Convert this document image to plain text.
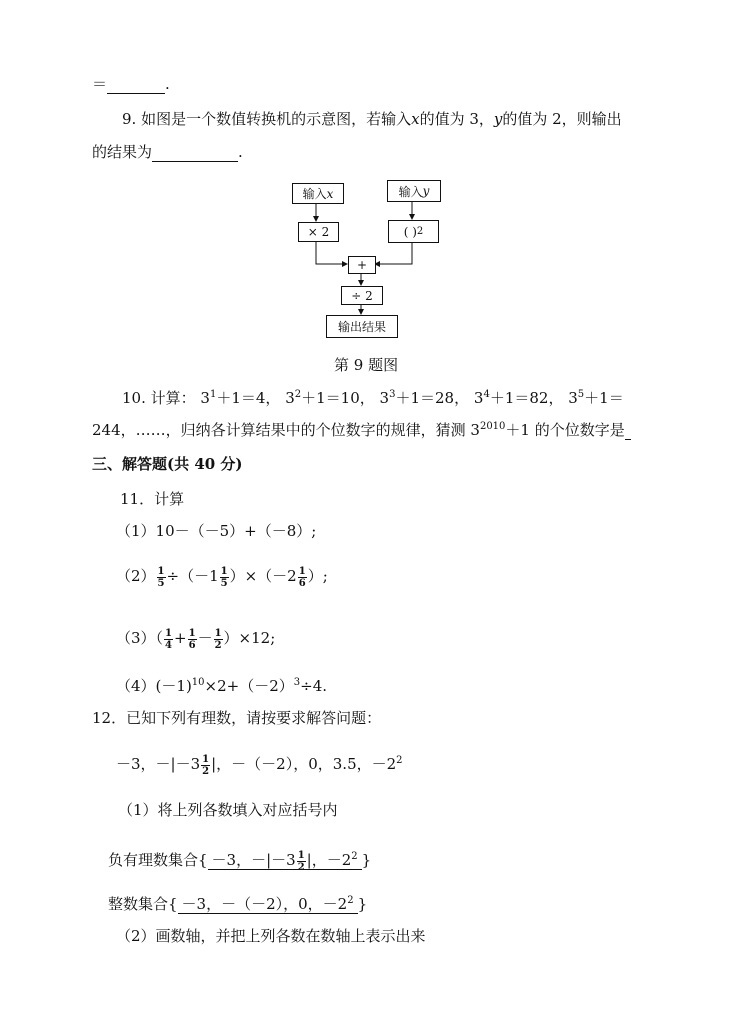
＝	.
9. 如图是一个数值转换机的示意图，若输入x的值为 3，y的值为 2，则输出
的结果为	.
输入 x	输入 y
× 2	( ) 2
+
÷ 2
输出结果
第 9 题图
10. 计算： $3^1+1=4$， $3^2+1=10$， $3^3+1=28$， $3^4+1=82$， $3^5+1=$
244，……，归纳各计算结果中的个位数字的规律，猜测 $3^{2010}+1$ 的个位数字是
三、解答题(共 40 分)
11．计算
（1）10－（－5）+（－8）;
$(2) \frac{1}{5} \div(-1 \frac{1}{5} )\times(-2 \frac{1}{6}$ ）;
$(3)( \frac{1}{4} + \frac{1}{6} - \frac{1}{2} )\times 12$;
$(4)(-1)^{10}\times 2+(-2)^3\div 4$.
12．已知下列有理数，请按要求解答问题：
－3，$-|-3 \frac{1}{2}$ |，－（－2），0，3.5，$-2^2$
（1）将上列各数填入对应括号内
负有理数集合{ －3，$-|-3 \frac{1}{2}$ |，$-2^2$ }
整数集合{ －3，－（－2），0，$-2^2$ }
（2）画数轴，并把上列各数在数轴上表示出来
